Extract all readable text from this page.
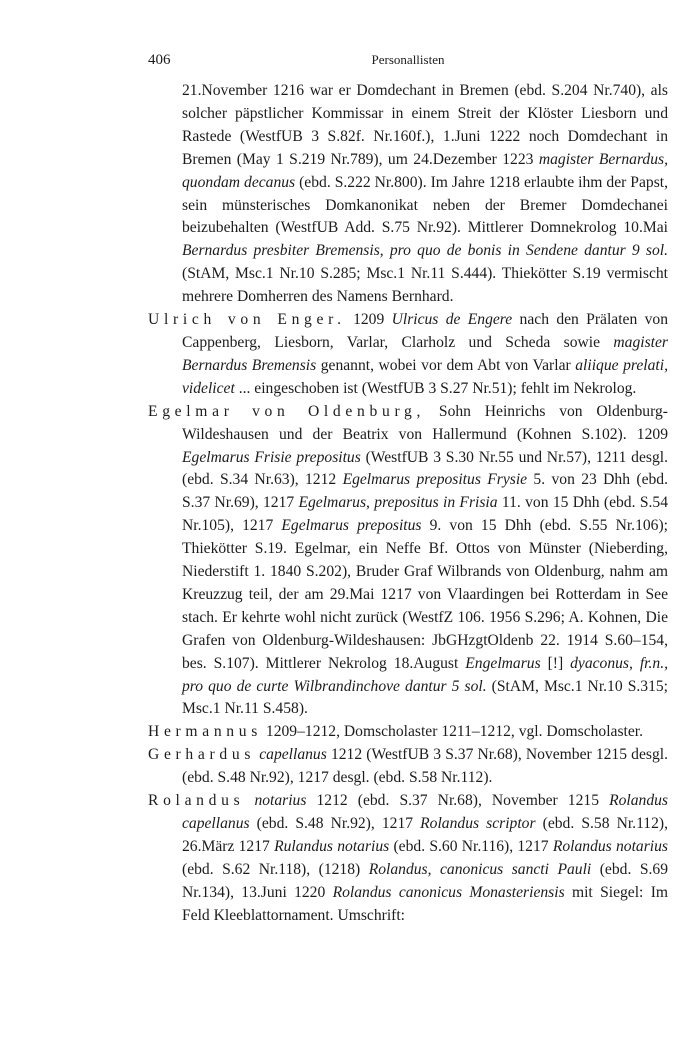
406	Personallisten

21.November 1216 war er Domdechant in Bremen (ebd. S.204 Nr.740), als solcher päpstlicher Kommissar in einem Streit der Klöster Liesborn und Rastede (WestfUB 3 S.82f. Nr.160f.), 1.Juni 1222 noch Domdechant in Bremen (May 1 S.219 Nr.789), um 24.Dezember 1223 magister Bernardus, quondam decanus (ebd. S.222 Nr.800). Im Jahre 1218 erlaubte ihm der Papst, sein münsterisches Domkanonikat neben der Bremer Domdechanei beizubehalten (WestfUB Add. S.75 Nr.92). Mittlerer Domnekrolog 10.Mai Bernardus presbiter Bremensis, pro quo de bonis in Sendene dantur 9 sol. (StAM, Msc.1 Nr.10 S.285; Msc.1 Nr.11 S.444). Thiekötter S.19 vermischt mehrere Domherren des Namens Bernhard.

Ulrich von Enger. 1209 Ulricus de Engere nach den Prälaten von Cappenberg, Liesborn, Varlar, Clarholz und Scheda sowie magister Bernardus Bremensis genannt, wobei vor dem Abt von Varlar aliique prelati, videlicet ... eingeschoben ist (WestfUB 3 S.27 Nr.51); fehlt im Nekrolog.

Egelmar von Oldenburg, Sohn Heinrichs von Oldenburg-Wildeshausen und der Beatrix von Hallermund (Kohnen S.102). 1209 Egelmarus Frisie prepositus (WestfUB 3 S.30 Nr.55 und Nr.57), 1211 desgl. (ebd. S.34 Nr.63), 1212 Egelmarus prepositus Frysie 5. von 23 Dhh (ebd. S.37 Nr.69), 1217 Egelmarus, prepositus in Frisia 11. von 15 Dhh (ebd. S.54 Nr.105), 1217 Egelmarus prepositus 9. von 15 Dhh (ebd. S.55 Nr.106); Thiekötter S.19. Egelmar, ein Neffe Bf. Ottos von Münster (Nieberding, Niederstift 1. 1840 S.202), Bruder Graf Wilbrands von Oldenburg, nahm am Kreuzzug teil, der am 29.Mai 1217 von Vlaardingen bei Rotterdam in See stach. Er kehrte wohl nicht zurück (WestfZ 106. 1956 S.296; A. Kohnen, Die Grafen von Oldenburg-Wildeshausen: JbGHzgtOldenb 22. 1914 S.60–154, bes. S.107). Mittlerer Nekrolog 18.August Engelmarus [!] dyaconus, fr.n., pro quo de curte Wilbrandinchove dantur 5 sol. (StAM, Msc.1 Nr.10 S.315; Msc.1 Nr.11 S.458).

Hermannus 1209–1212, Domscholaster 1211–1212, vgl. Domscholaster.

Gerhardus capellanus 1212 (WestfUB 3 S.37 Nr.68), November 1215 desgl. (ebd. S.48 Nr.92), 1217 desgl. (ebd. S.58 Nr.112).

Rolandus notarius 1212 (ebd. S.37 Nr.68), November 1215 Rolandus capellanus (ebd. S.48 Nr.92), 1217 Rolandus scriptor (ebd. S.58 Nr.112), 26.März 1217 Rulandus notarius (ebd. S.60 Nr.116), 1217 Rolandus notarius (ebd. S.62 Nr.118), (1218) Rolandus, canonicus sancti Pauli (ebd. S.69 Nr.134), 13.Juni 1220 Rolandus canonicus Monasteriensis mit Siegel: Im Feld Kleeblattornament. Umschrift:
